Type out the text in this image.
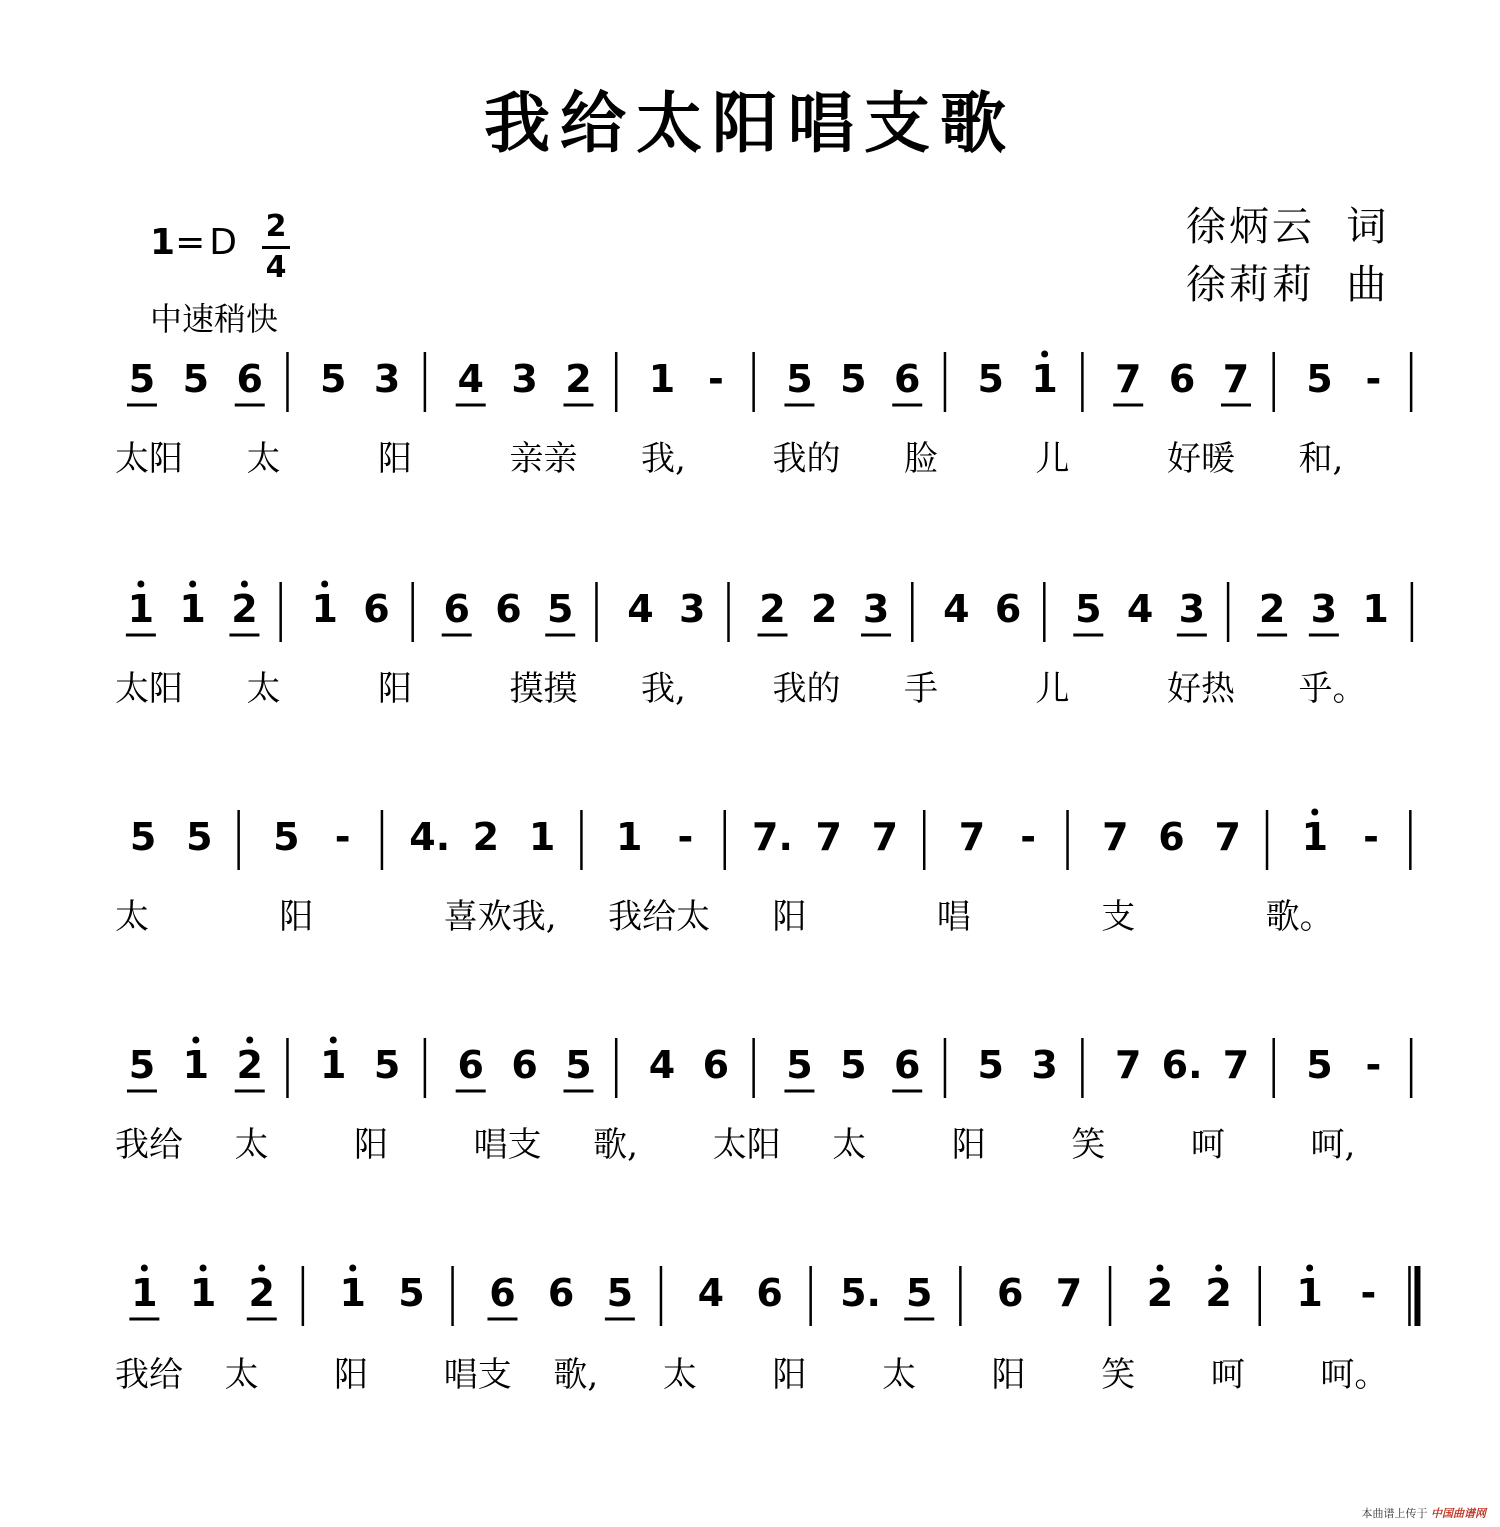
我给太阳唱支歌
1= D 2
4
中速稍快
徐炳云  词
徐莉莉  曲
5 5 6 5 3 4 3 2 1 - 5 5 6 5 1 7 6 7 5 -
太阳 太	阳	亲亲 我,	我的 脸	儿	好暖 和,
1 1 2 1 6 6 6 5 4 3 2 2 3 4 6 5 4 3 2 3 1
太阳 太	阳	摸摸 我,	我的 手	儿	好热 乎。
5 5 5 - 4. 2 1 1 - 7. 7 7 7 - 7 6 7 1 -
太	阳	喜欢我, 我给太 阳	唱	支	歌。
5 1 2 1 5 6 6 5 4 6 5 5 6 5 3 7 6. 7 5 -
我给 太	阳	唱支 歌, 太阳 太	阳	笑	呵	呵,
1 1 2 1 5 6 6 5 4 6 5. 5 6 7 2 2 1 -
我给 太 阳 唱支 歌, 太 阳 太 阳 笑 呵 呵。
本曲谱上传于 中国曲谱网
